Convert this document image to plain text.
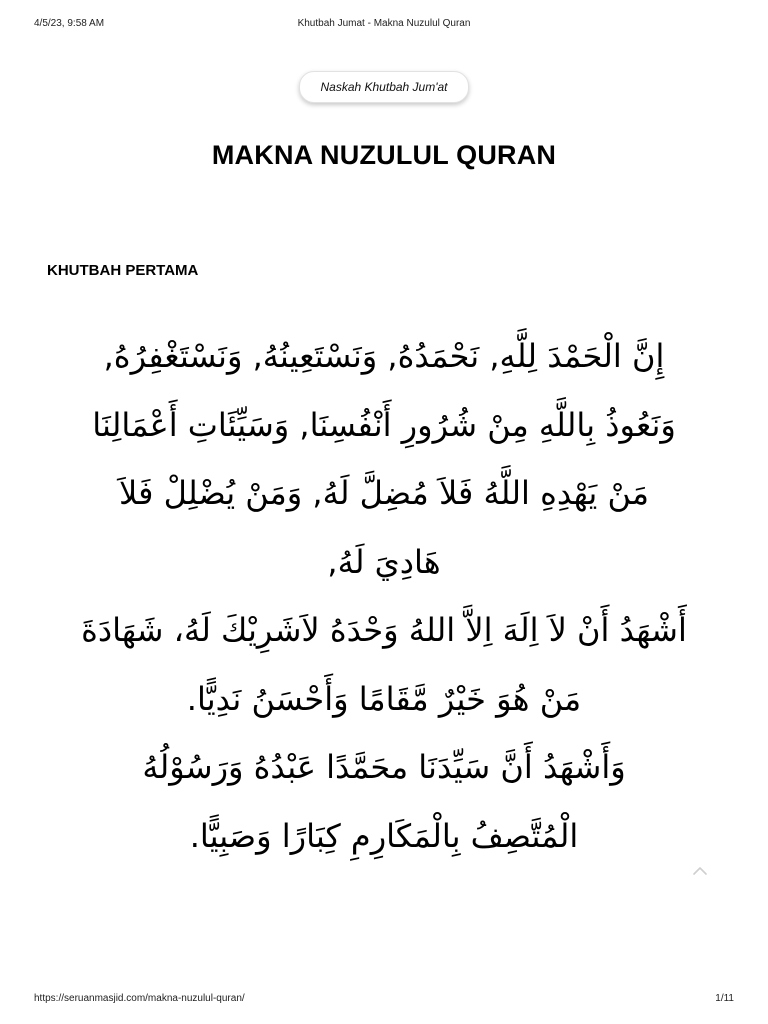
4/5/23, 9:58 AM	Khutbah Jumat - Makna Nuzulul Quran
Naskah Khutbah Jum'at
MAKNA NUZULUL QURAN
KHUTBAH PERTAMA
إِنَّ الْحَمْدَ لِلَّهِ, نَحْمَدُهُ, وَنَسْتَعِينُهُ, وَنَسْتَغْفِرُهُ,
وَنَعُوذُ بِاللَّهِ مِنْ شُرُورِ أَنْفُسِنَا, وَسَيِّئَاتِ أَعْمَالِنَا
مَنْ يَهْدِهِ اللَّهُ فَلاَ مُضِلَّ لَهُ, وَمَنْ يُضْلِلْ فَلاَ
هَادِيَ لَهُ,
أَشْهَدُ أَنْ لاَ اِلَهَ اِلاَّ اللهُ وَحْدَهُ لاَشَرِيْكَ لَهُ، شَهَادَةَ
مَنْ هُوَ خَيْرٌ مَّقَامًا وَأَحْسَنُ نَدِيًّا.
وَأَشْهَدُ أَنَّ سَيِّدَنَا محَمَّدًا عَبْدُهُ وَرَسُوْلُهُ
الْمُتَّصِفُ بِالْمَكَارِمِ كِبَارًا وَصَبِيًّا.
https://seruanmasjid.com/makna-nuzulul-quran/	1/11
